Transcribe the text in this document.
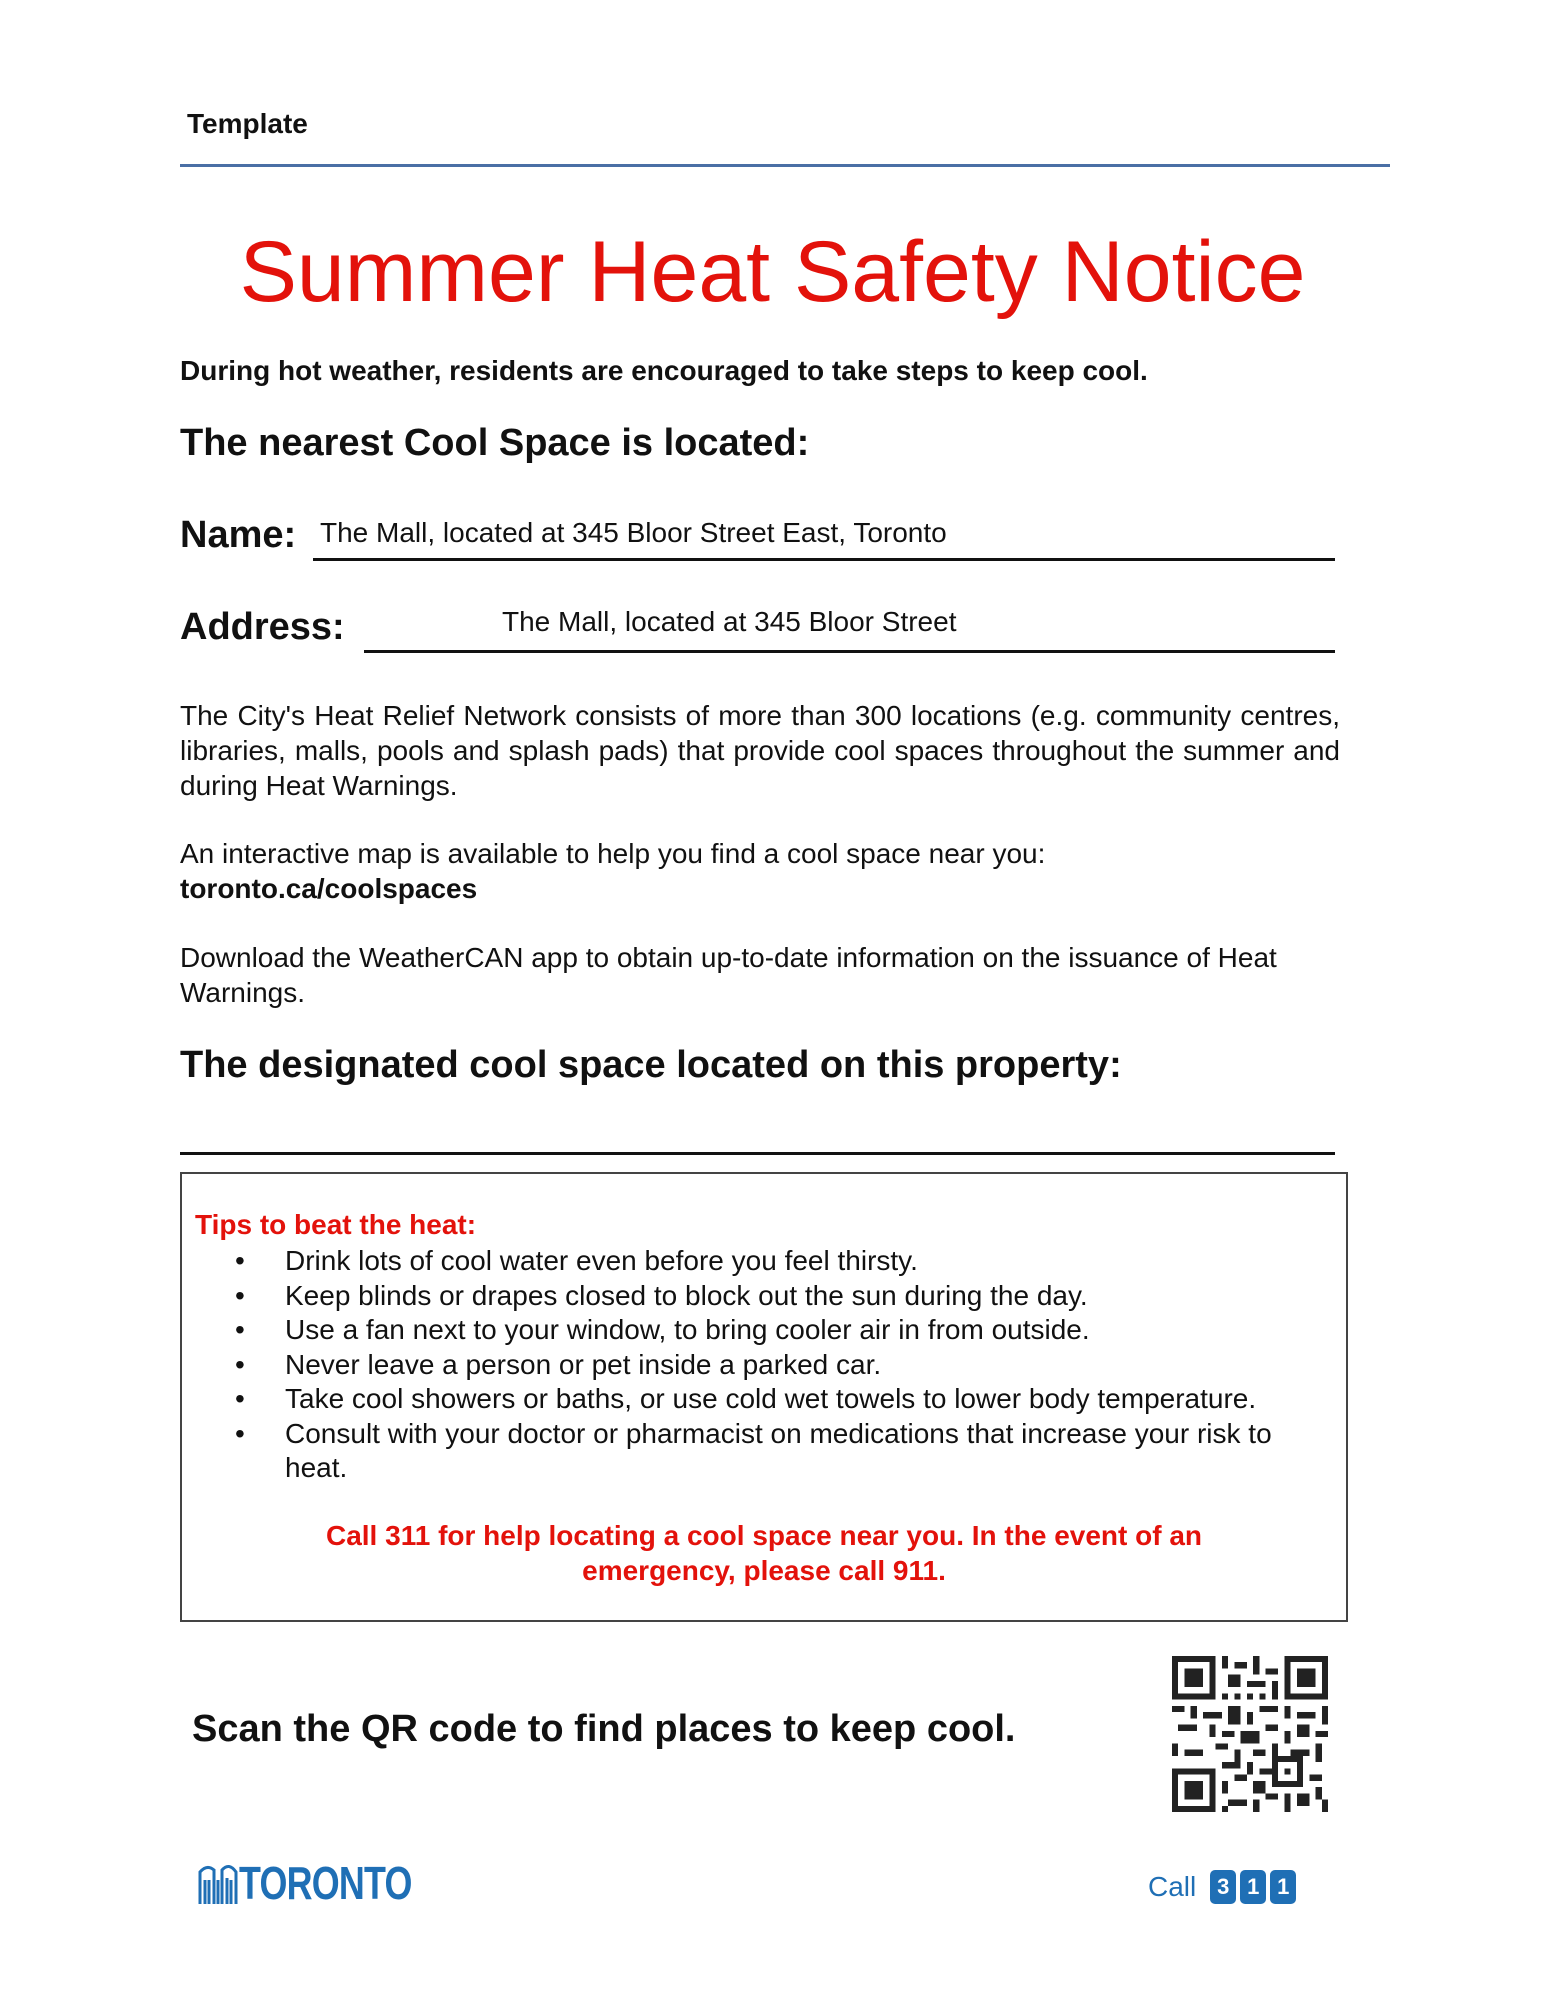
Template
Summer Heat Safety Notice
During hot weather, residents are encouraged to take steps to keep cool.
The nearest Cool Space is located:
Name: The Mall, located at 345 Bloor Street East, Toronto
Address:	The Mall, located at 345 Bloor Street
The City's Heat Relief Network consists of more than 300 locations (e.g. community centres, libraries, malls, pools and splash pads) that provide cool spaces throughout the summer and during Heat Warnings.
An interactive map is available to help you find a cool space near you:
toronto.ca/coolspaces
Download the WeatherCAN app to obtain up-to-date information on the issuance of Heat Warnings.
The designated cool space located on this property:
Tips to beat the heat:
• Drink lots of cool water even before you feel thirsty.
• Keep blinds or drapes closed to block out the sun during the day.
• Use a fan next to your window, to bring cooler air in from outside.
• Never leave a person or pet inside a parked car.
• Take cool showers or baths, or use cold wet towels to lower body temperature.
• Consult with your doctor or pharmacist on medications that increase your risk to heat.
Call 311 for help locating a cool space near you. In the event of an emergency, please call 911.
Scan the QR code to find places to keep cool.
TORONTO	Call 3 1 1
